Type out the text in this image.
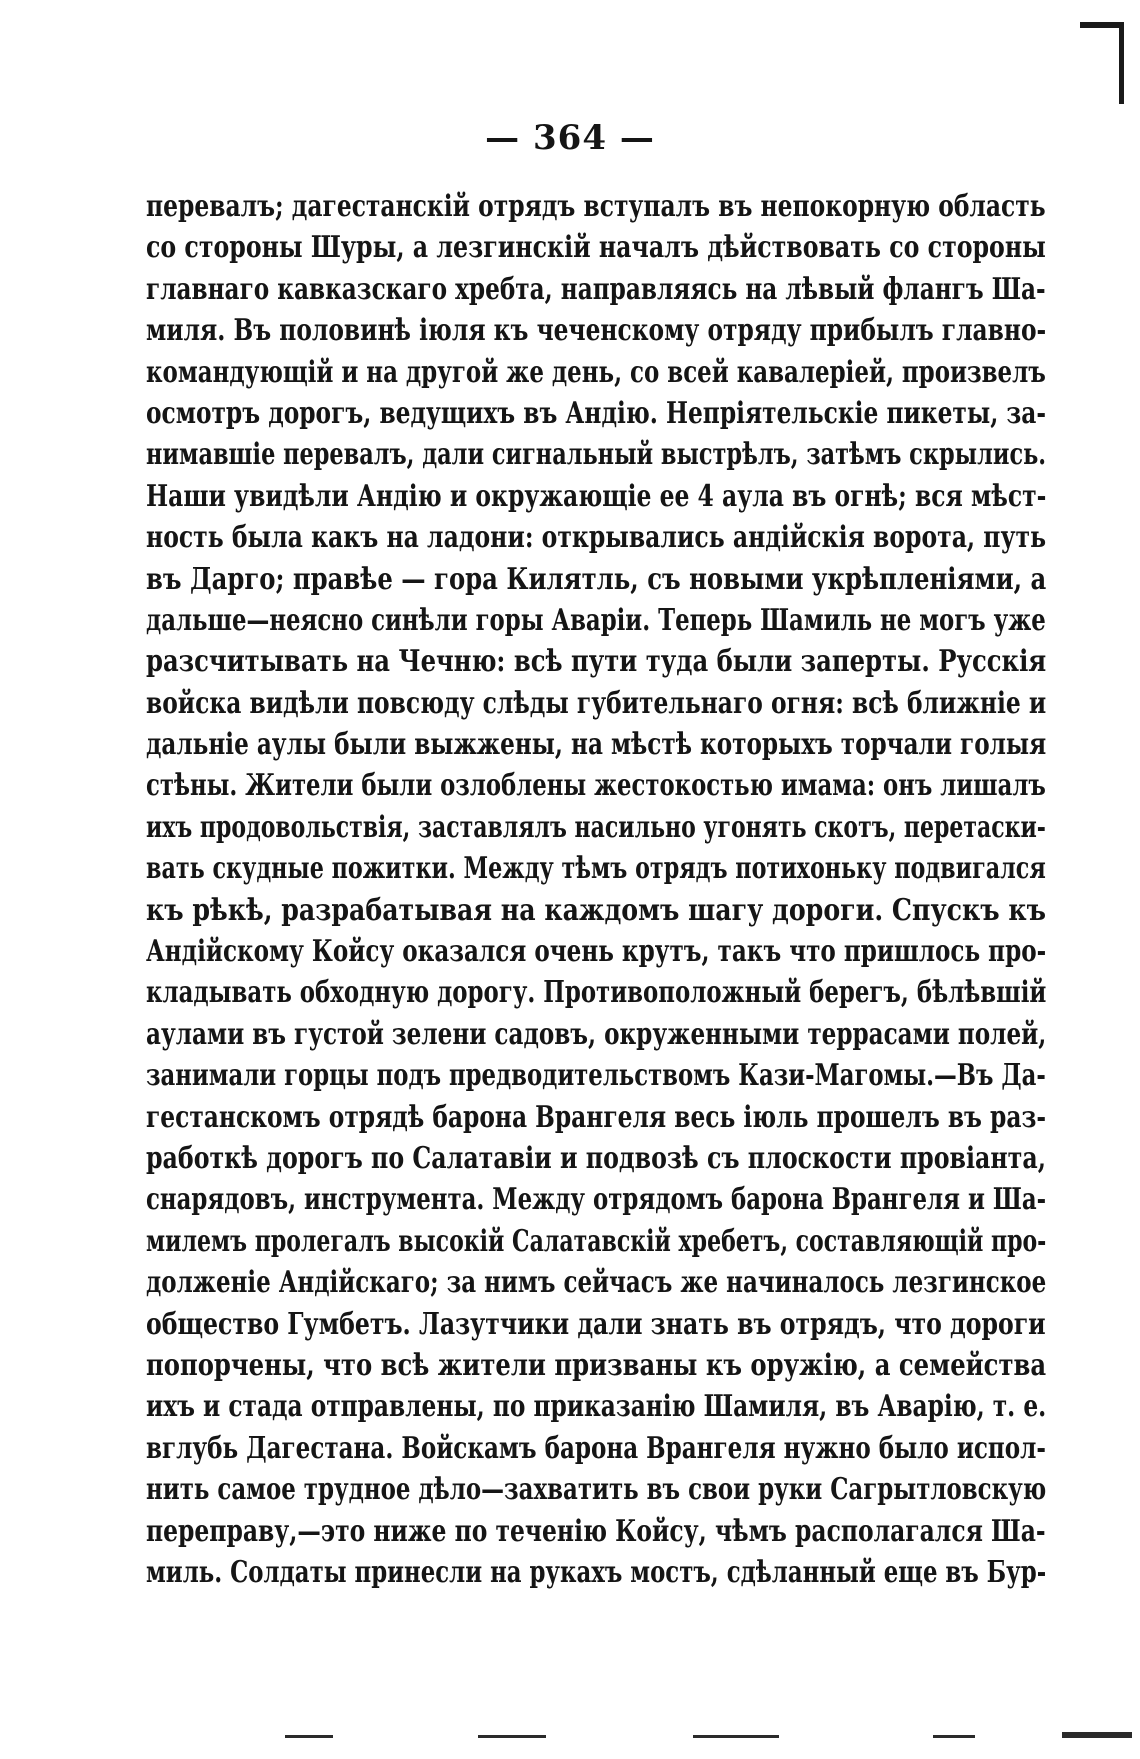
— 364 —
перевалъ; дагестанскій отрядъ вступалъ въ непокорную область
со стороны Шуры, а лезгинскій началъ дѣйствовать со стороны
главнаго кавказскаго хребта, направляясь на лѣвый флангъ Ша-
миля. Въ половинѣ іюля къ чеченскому отряду прибылъ главно-
командующій и на другой же день, со всей кавалеріей, произвелъ
осмотръ дорогъ, ведущихъ въ Андію. Непріятельскіе пикеты, за-
нимавшіе перевалъ, дали сигнальный выстрѣлъ, затѣмъ скрылись.
Наши увидѣли Андію и окружающіе ее 4 аула въ огнѣ; вся мѣст-
ность была какъ на ладони: открывались андійскія ворота, путь
въ Дарго; правѣе — гора Килятль, съ новыми укрѣпленіями, а
дальше—неясно синѣли горы Аваріи. Теперь Шамиль не могъ уже
разсчитывать на Чечню: всѣ пути туда были заперты. Русскія
войска видѣли повсюду слѣды губительнаго огня: всѣ ближніе и
дальніе аулы были выжжены, на мѣстѣ которыхъ торчали голыя
стѣны. Жители были озлоблены жестокостью имама: онъ лишалъ
ихъ продовольствія, заставлялъ насильно угонять скотъ, перетаски-
вать скудные пожитки. Между тѣмъ отрядъ потихоньку подвигался
къ рѣкѣ, разрабатывая на каждомъ шагу дороги. Спускъ къ
Андійскому Койсу оказался очень крутъ, такъ что пришлось про-
кладывать обходную дорогу. Противоположный берегъ, бѣлѣвшій
аулами въ густой зелени садовъ, окруженными террасами полей,
занимали горцы подъ предводительствомъ Кази-Магомы.—Въ Да-
гестанскомъ отрядѣ барона Врангеля весь іюль прошелъ въ раз-
работкѣ дорогъ по Салатавіи и подвозѣ съ плоскости провіанта,
снарядовъ, инструмента. Между отрядомъ барона Врангеля и Ша-
милемъ пролегалъ высокій Салатавскій хребетъ, составляющій про-
долженіе Андійскаго; за нимъ сейчасъ же начиналось лезгинское
общество Гумбетъ. Лазутчики дали знать въ отрядъ, что дороги
попорчены, что всѣ жители призваны къ оружію, а семейства
ихъ и стада отправлены, по приказанію Шамиля, въ Аварію, т. е.
вглубь Дагестана. Войскамъ барона Врангеля нужно было испол-
нить самое трудное дѣло—захватить въ свои руки Сагрытловскую
переправу,—это ниже по теченію Койсу, чѣмъ располагался Ша-
миль. Солдаты принесли на рукахъ мостъ, сдѣланный еще въ Бур-
